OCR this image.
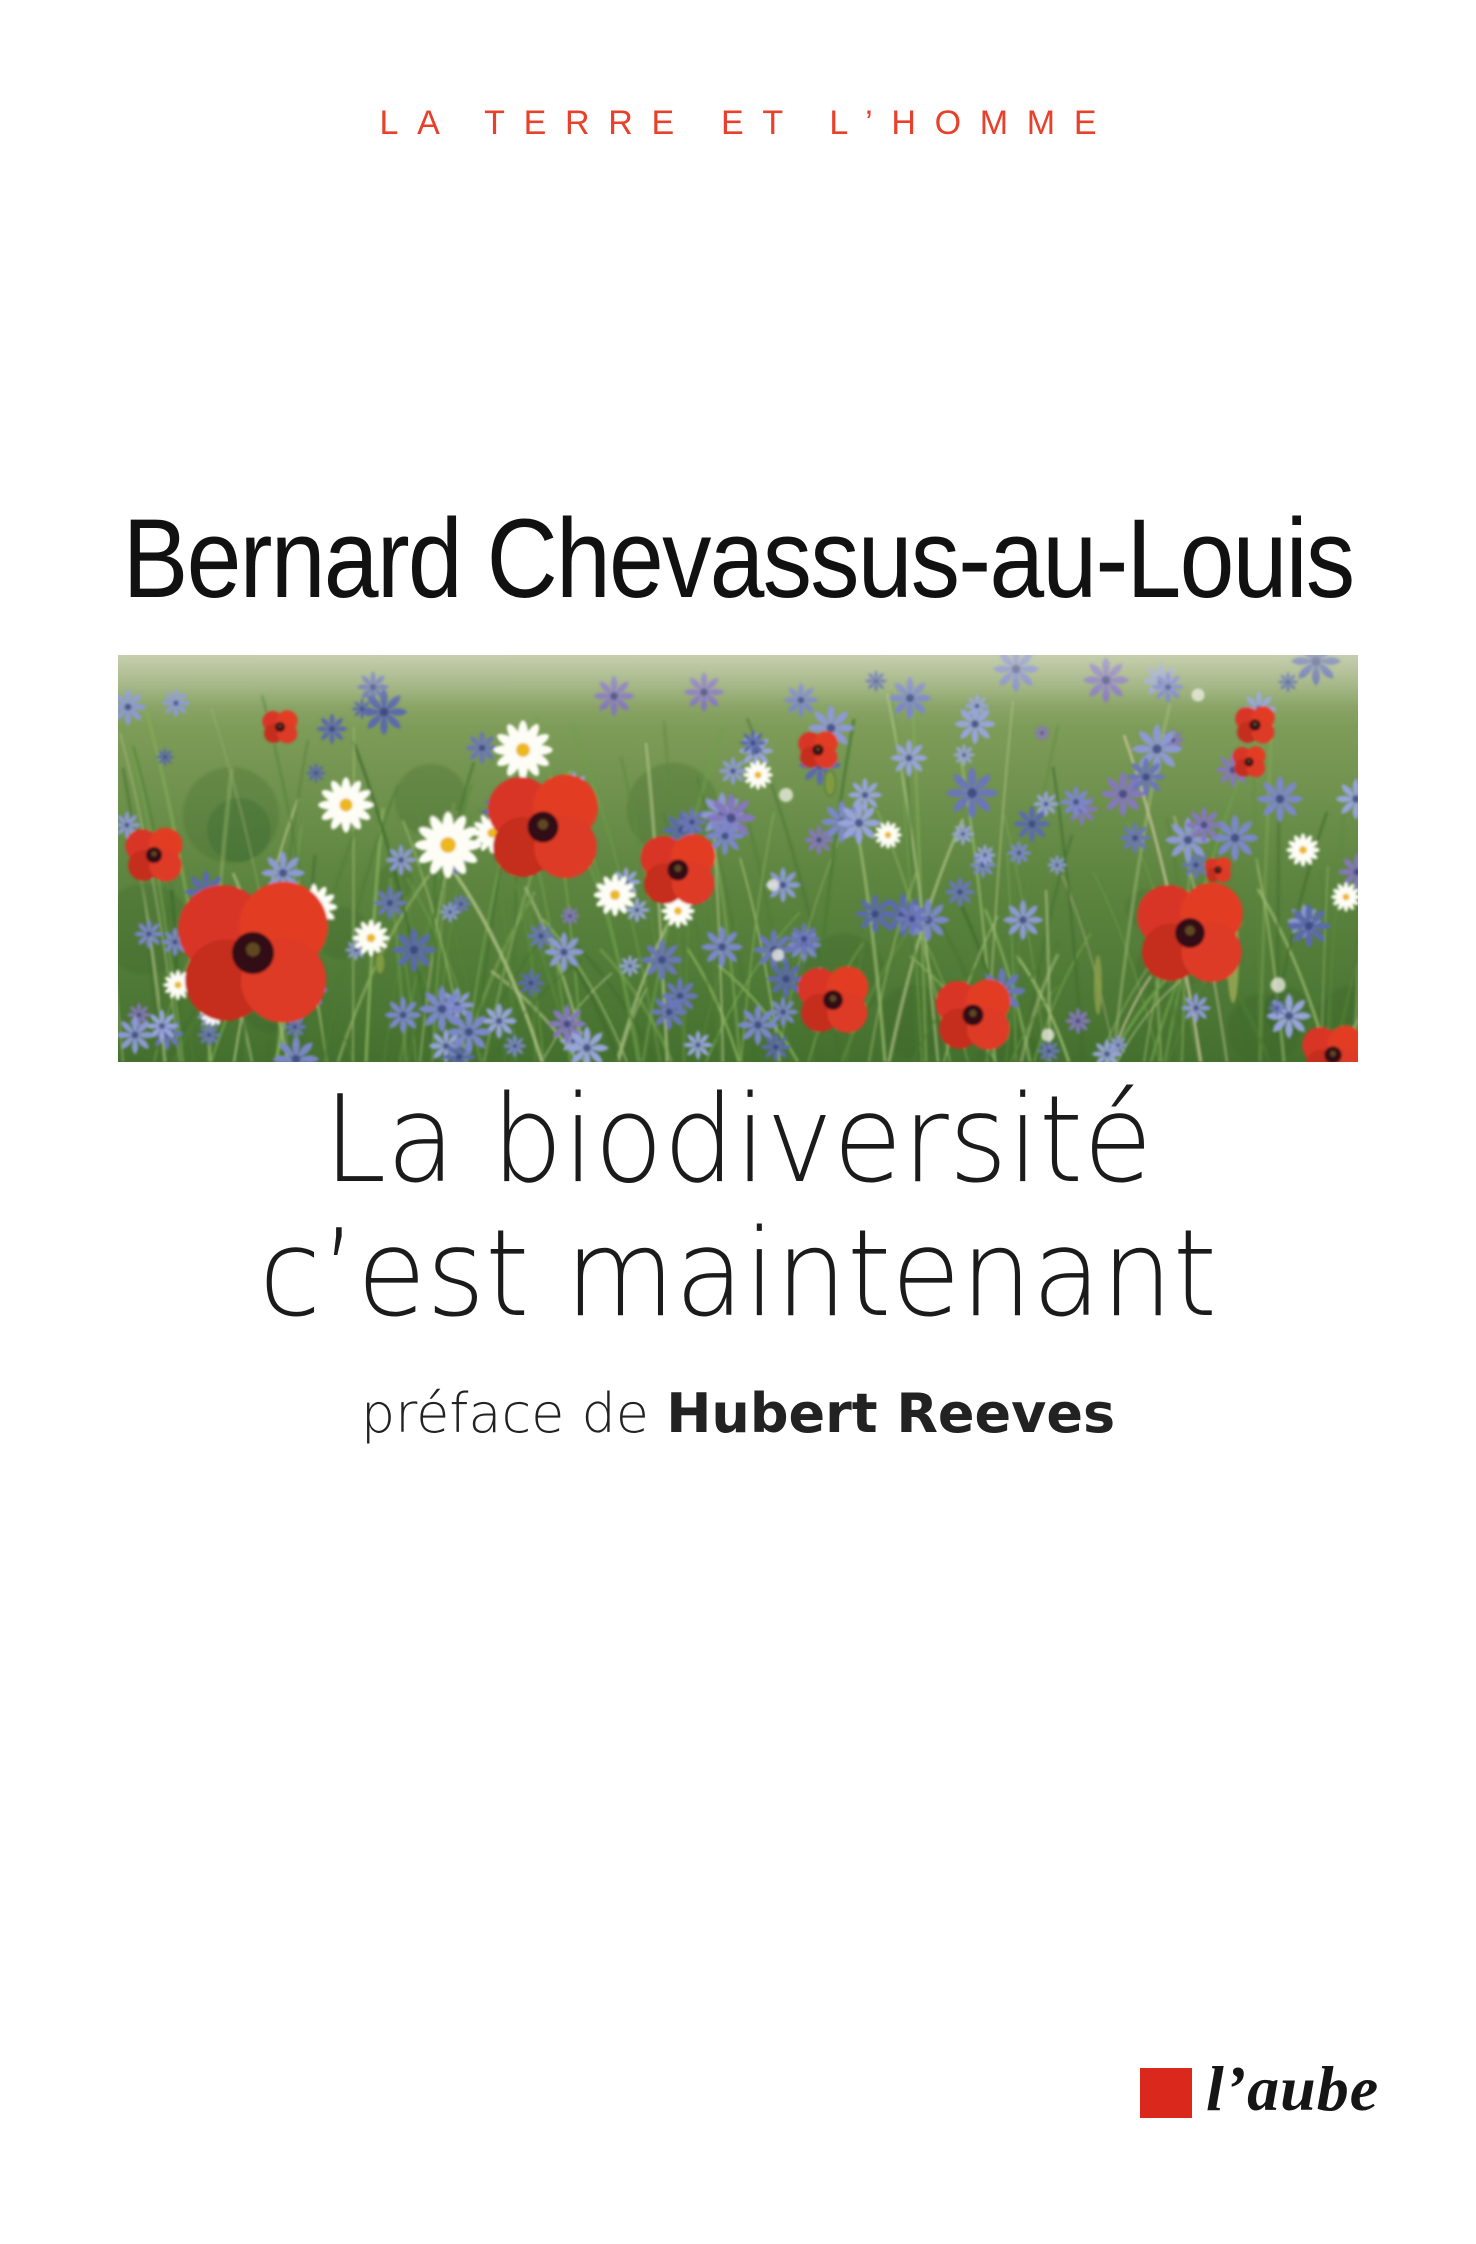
LA TERRE ET L’HOMME
Bernard Chevassus-au-Louis
La biodiversité
c’est maintenant
préface de Hubert Reeves
l’aube
